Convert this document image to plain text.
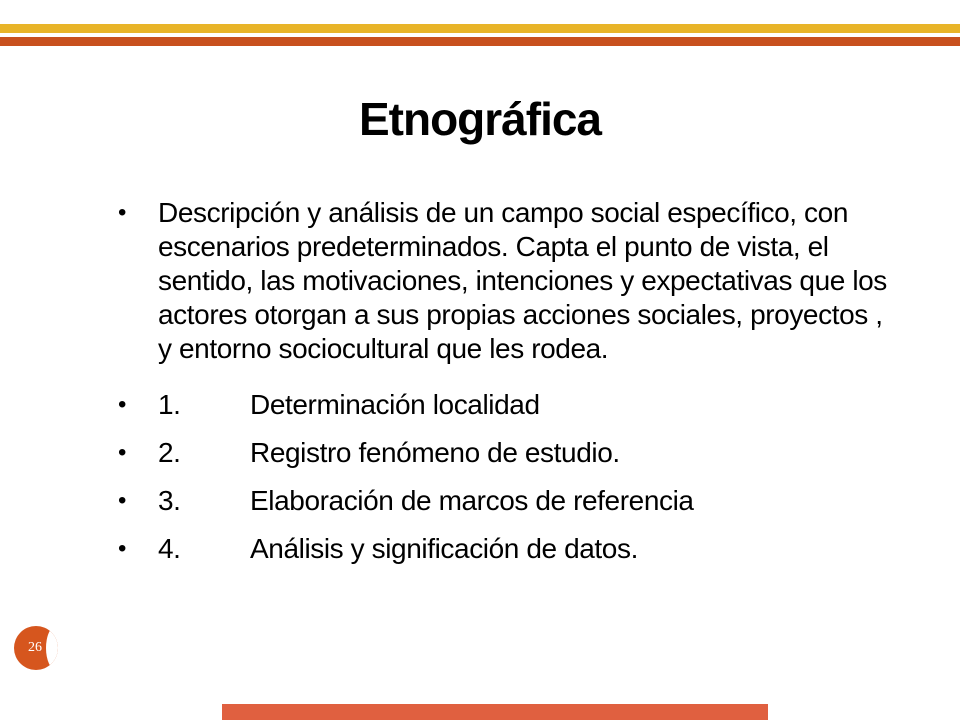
Etnográfica
• Descripción y análisis de un campo social específico, con escenarios predeterminados. Capta el punto de vista, el sentido, las motivaciones, intenciones y expectativas que los actores otorgan a sus propias acciones sociales, proyectos , y entorno sociocultural que les rodea.
• 1. Determinación localidad
• 2. Registro fenómeno de estudio.
• 3. Elaboración de marcos de referencia
• 4. Análisis y significación de datos.
26
